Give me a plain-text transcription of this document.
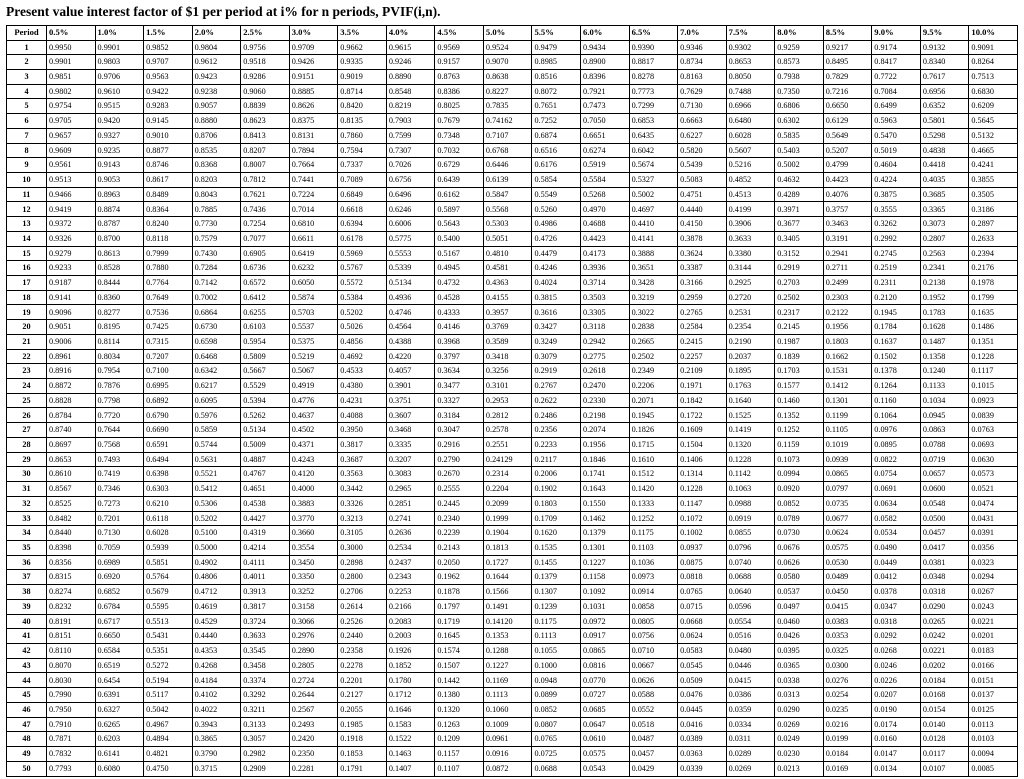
Present value interest factor of $1 per period at i% for n periods, PVIF(i,n).
Period	0.5%	1.0%	1.5%	2.0%	2.5%	3.0%	3.5%	4.0%	4.5%	5.0%	5.5%	6.0%	6.5%	7.0%	7.5%	8.0%	8.5%	9.0%	9.5%	10.0%
1	0.9950	0.9901	0.9852	0.9804	0.9756	0.9709	0.9662	0.9615	0.9569	0.9524	0.9479	0.9434	0.9390	0.9346	0.9302	0.9259	0.9217	0.9174	0.9132	0.9091
2	0.9901	0.9803	0.9707	0.9612	0.9518	0.9426	0.9335	0.9246	0.9157	0.9070	0.8985	0.8900	0.8817	0.8734	0.8653	0.8573	0.8495	0.8417	0.8340	0.8264
3	0.9851	0.9706	0.9563	0.9423	0.9286	0.9151	0.9019	0.8890	0.8763	0.8638	0.8516	0.8396	0.8278	0.8163	0.8050	0.7938	0.7829	0.7722	0.7617	0.7513
4	0.9802	0.9610	0.9422	0.9238	0.9060	0.8885	0.8714	0.8548	0.8386	0.8227	0.8072	0.7921	0.7773	0.7629	0.7488	0.7350	0.7216	0.7084	0.6956	0.6830
5	0.9754	0.9515	0.9283	0.9057	0.8839	0.8626	0.8420	0.8219	0.8025	0.7835	0.7651	0.7473	0.7299	0.7130	0.6966	0.6806	0.6650	0.6499	0.6352	0.6209
6	0.9705	0.9420	0.9145	0.8880	0.8623	0.8375	0.8135	0.7903	0.7679	0.74162	0.7252	0.7050	0.6853	0.6663	0.6480	0.6302	0.6129	0.5963	0.5801	0.5645
7	0.9657	0.9327	0.9010	0.8706	0.8413	0.8131	0.7860	0.7599	0.7348	0.7107	0.6874	0.6651	0.6435	0.6227	0.6028	0.5835	0.5649	0.5470	0.5298	0.5132
8	0.9609	0.9235	0.8877	0.8535	0.8207	0.7894	0.7594	0.7307	0.7032	0.6768	0.6516	0.6274	0.6042	0.5820	0.5607	0.5403	0.5207	0.5019	0.4838	0.4665
9	0.9561	0.9143	0.8746	0.8368	0.8007	0.7664	0.7337	0.7026	0.6729	0.6446	0.6176	0.5919	0.5674	0.5439	0.5216	0.5002	0.4799	0.4604	0.4418	0.4241
10	0.9513	0.9053	0.8617	0.8203	0.7812	0.7441	0.7089	0.6756	0.6439	0.6139	0.5854	0.5584	0.5327	0.5083	0.4852	0.4632	0.4423	0.4224	0.4035	0.3855
11	0.9466	0.8963	0.8489	0.8043	0.7621	0.7224	0.6849	0.6496	0.6162	0.5847	0.5549	0.5268	0.5002	0.4751	0.4513	0.4289	0.4076	0.3875	0.3685	0.3505
12	0.9419	0.8874	0.8364	0.7885	0.7436	0.7014	0.6618	0.6246	0.5897	0.5568	0.5260	0.4970	0.4697	0.4440	0.4199	0.3971	0.3757	0.3555	0.3365	0.3186
13	0.9372	0.8787	0.8240	0.7730	0.7254	0.6810	0.6394	0.6006	0.5643	0.5303	0.4986	0.4688	0.4410	0.4150	0.3906	0.3677	0.3463	0.3262	0.3073	0.2897
14	0.9326	0.8700	0.8118	0.7579	0.7077	0.6611	0.6178	0.5775	0.5400	0.5051	0.4726	0.4423	0.4141	0.3878	0.3633	0.3405	0.3191	0.2992	0.2807	0.2633
15	0.9279	0.8613	0.7999	0.7430	0.6905	0.6419	0.5969	0.5553	0.5167	0.4810	0.4479	0.4173	0.3888	0.3624	0.3380	0.3152	0.2941	0.2745	0.2563	0.2394
16	0.9233	0.8528	0.7880	0.7284	0.6736	0.6232	0.5767	0.5339	0.4945	0.4581	0.4246	0.3936	0.3651	0.3387	0.3144	0.2919	0.2711	0.2519	0.2341	0.2176
17	0.9187	0.8444	0.7764	0.7142	0.6572	0.6050	0.5572	0.5134	0.4732	0.4363	0.4024	0.3714	0.3428	0.3166	0.2925	0.2703	0.2499	0.2311	0.2138	0.1978
18	0.9141	0.8360	0.7649	0.7002	0.6412	0.5874	0.5384	0.4936	0.4528	0.4155	0.3815	0.3503	0.3219	0.2959	0.2720	0.2502	0.2303	0.2120	0.1952	0.1799
19	0.9096	0.8277	0.7536	0.6864	0.6255	0.5703	0.5202	0.4746	0.4333	0.3957	0.3616	0.3305	0.3022	0.2765	0.2531	0.2317	0.2122	0.1945	0.1783	0.1635
20	0.9051	0.8195	0.7425	0.6730	0.6103	0.5537	0.5026	0.4564	0.4146	0.3769	0.3427	0.3118	0.2838	0.2584	0.2354	0.2145	0.1956	0.1784	0.1628	0.1486
21	0.9006	0.8114	0.7315	0.6598	0.5954	0.5375	0.4856	0.4388	0.3968	0.3589	0.3249	0.2942	0.2665	0.2415	0.2190	0.1987	0.1803	0.1637	0.1487	0.1351
22	0.8961	0.8034	0.7207	0.6468	0.5809	0.5219	0.4692	0.4220	0.3797	0.3418	0.3079	0.2775	0.2502	0.2257	0.2037	0.1839	0.1662	0.1502	0.1358	0.1228
23	0.8916	0.7954	0.7100	0.6342	0.5667	0.5067	0.4533	0.4057	0.3634	0.3256	0.2919	0.2618	0.2349	0.2109	0.1895	0.1703	0.1531	0.1378	0.1240	0.1117
24	0.8872	0.7876	0.6995	0.6217	0.5529	0.4919	0.4380	0.3901	0.3477	0.3101	0.2767	0.2470	0.2206	0.1971	0.1763	0.1577	0.1412	0.1264	0.1133	0.1015
25	0.8828	0.7798	0.6892	0.6095	0.5394	0.4776	0.4231	0.3751	0.3327	0.2953	0.2622	0.2330	0.2071	0.1842	0.1640	0.1460	0.1301	0.1160	0.1034	0.0923
26	0.8784	0.7720	0.6790	0.5976	0.5262	0.4637	0.4088	0.3607	0.3184	0.2812	0.2486	0.2198	0.1945	0.1722	0.1525	0.1352	0.1199	0.1064	0.0945	0.0839
27	0.8740	0.7644	0.6690	0.5859	0.5134	0.4502	0.3950	0.3468	0.3047	0.2578	0.2356	0.2074	0.1826	0.1609	0.1419	0.1252	0.1105	0.0976	0.0863	0.0763
28	0.8697	0.7568	0.6591	0.5744	0.5009	0.4371	0.3817	0.3335	0.2916	0.2551	0.2233	0.1956	0.1715	0.1504	0.1320	0.1159	0.1019	0.0895	0.0788	0.0693
29	0.8653	0.7493	0.6494	0.5631	0.4887	0.4243	0.3687	0.3207	0.2790	0.24129	0.2117	0.1846	0.1610	0.1406	0.1228	0.1073	0.0939	0.0822	0.0719	0.0630
30	0.8610	0.7419	0.6398	0.5521	0.4767	0.4120	0.3563	0.3083	0.2670	0.2314	0.2006	0.1741	0.1512	0.1314	0.1142	0.0994	0.0865	0.0754	0.0657	0.0573
31	0.8567	0.7346	0.6303	0.5412	0.4651	0.4000	0.3442	0.2965	0.2555	0.2204	0.1902	0.1643	0.1420	0.1228	0.1063	0.0920	0.0797	0.0691	0.0600	0.0521
32	0.8525	0.7273	0.6210	0.5306	0.4538	0.3883	0.3326	0.2851	0.2445	0.2099	0.1803	0.1550	0.1333	0.1147	0.0988	0.0852	0.0735	0.0634	0.0548	0.0474
33	0.8482	0.7201	0.6118	0.5202	0.4427	0.3770	0.3213	0.2741	0.2340	0.1999	0.1709	0.1462	0.1252	0.1072	0.0919	0.0789	0.0677	0.0582	0.0500	0.0431
34	0.8440	0.7130	0.6028	0.5100	0.4319	0.3660	0.3105	0.2636	0.2239	0.1904	0.1620	0.1379	0.1175	0.1002	0.0855	0.0730	0.0624	0.0534	0.0457	0.0391
35	0.8398	0.7059	0.5939	0.5000	0.4214	0.3554	0.3000	0.2534	0.2143	0.1813	0.1535	0.1301	0.1103	0.0937	0.0796	0.0676	0.0575	0.0490	0.0417	0.0356
36	0.8356	0.6989	0.5851	0.4902	0.4111	0.3450	0.2898	0.2437	0.2050	0.1727	0.1455	0.1227	0.1036	0.0875	0.0740	0.0626	0.0530	0.0449	0.0381	0.0323
37	0.8315	0.6920	0.5764	0.4806	0.4011	0.3350	0.2800	0.2343	0.1962	0.1644	0.1379	0.1158	0.0973	0.0818	0.0688	0.0580	0.0489	0.0412	0.0348	0.0294
38	0.8274	0.6852	0.5679	0.4712	0.3913	0.3252	0.2706	0.2253	0.1878	0.1566	0.1307	0.1092	0.0914	0.0765	0.0640	0.0537	0.0450	0.0378	0.0318	0.0267
39	0.8232	0.6784	0.5595	0.4619	0.3817	0.3158	0.2614	0.2166	0.1797	0.1491	0.1239	0.1031	0.0858	0.0715	0.0596	0.0497	0.0415	0.0347	0.0290	0.0243
40	0.8191	0.6717	0.5513	0.4529	0.3724	0.3066	0.2526	0.2083	0.1719	0.14120	0.1175	0.0972	0.0805	0.0668	0.0554	0.0460	0.0383	0.0318	0.0265	0.0221
41	0.8151	0.6650	0.5431	0.4440	0.3633	0.2976	0.2440	0.2003	0.1645	0.1353	0.1113	0.0917	0.0756	0.0624	0.0516	0.0426	0.0353	0.0292	0.0242	0.0201
42	0.8110	0.6584	0.5351	0.4353	0.3545	0.2890	0.2358	0.1926	0.1574	0.1288	0.1055	0.0865	0.0710	0.0583	0.0480	0.0395	0.0325	0.0268	0.0221	0.0183
43	0.8070	0.6519	0.5272	0.4268	0.3458	0.2805	0.2278	0.1852	0.1507	0.1227	0.1000	0.0816	0.0667	0.0545	0.0446	0.0365	0.0300	0.0246	0.0202	0.0166
44	0.8030	0.6454	0.5194	0.4184	0.3374	0.2724	0.2201	0.1780	0.1442	0.1169	0.0948	0.0770	0.0626	0.0509	0.0415	0.0338	0.0276	0.0226	0.0184	0.0151
45	0.7990	0.6391	0.5117	0.4102	0.3292	0.2644	0.2127	0.1712	0.1380	0.1113	0.0899	0.0727	0.0588	0.0476	0.0386	0.0313	0.0254	0.0207	0.0168	0.0137
46	0.7950	0.6327	0.5042	0.4022	0.3211	0.2567	0.2055	0.1646	0.1320	0.1060	0.0852	0.0685	0.0552	0.0445	0.0359	0.0290	0.0235	0.0190	0.0154	0.0125
47	0.7910	0.6265	0.4967	0.3943	0.3133	0.2493	0.1985	0.1583	0.1263	0.1009	0.0807	0.0647	0.0518	0.0416	0.0334	0.0269	0.0216	0.0174	0.0140	0.0113
48	0.7871	0.6203	0.4894	0.3865	0.3057	0.2420	0.1918	0.1522	0.1209	0.0961	0.0765	0.0610	0.0487	0.0389	0.0311	0.0249	0.0199	0.0160	0.0128	0.0103
49	0.7832	0.6141	0.4821	0.3790	0.2982	0.2350	0.1853	0.1463	0.1157	0.0916	0.0725	0.0575	0.0457	0.0363	0.0289	0.0230	0.0184	0.0147	0.0117	0.0094
50	0.7793	0.6080	0.4750	0.3715	0.2909	0.2281	0.1791	0.1407	0.1107	0.0872	0.0688	0.0543	0.0429	0.0339	0.0269	0.0213	0.0169	0.0134	0.0107	0.0085
